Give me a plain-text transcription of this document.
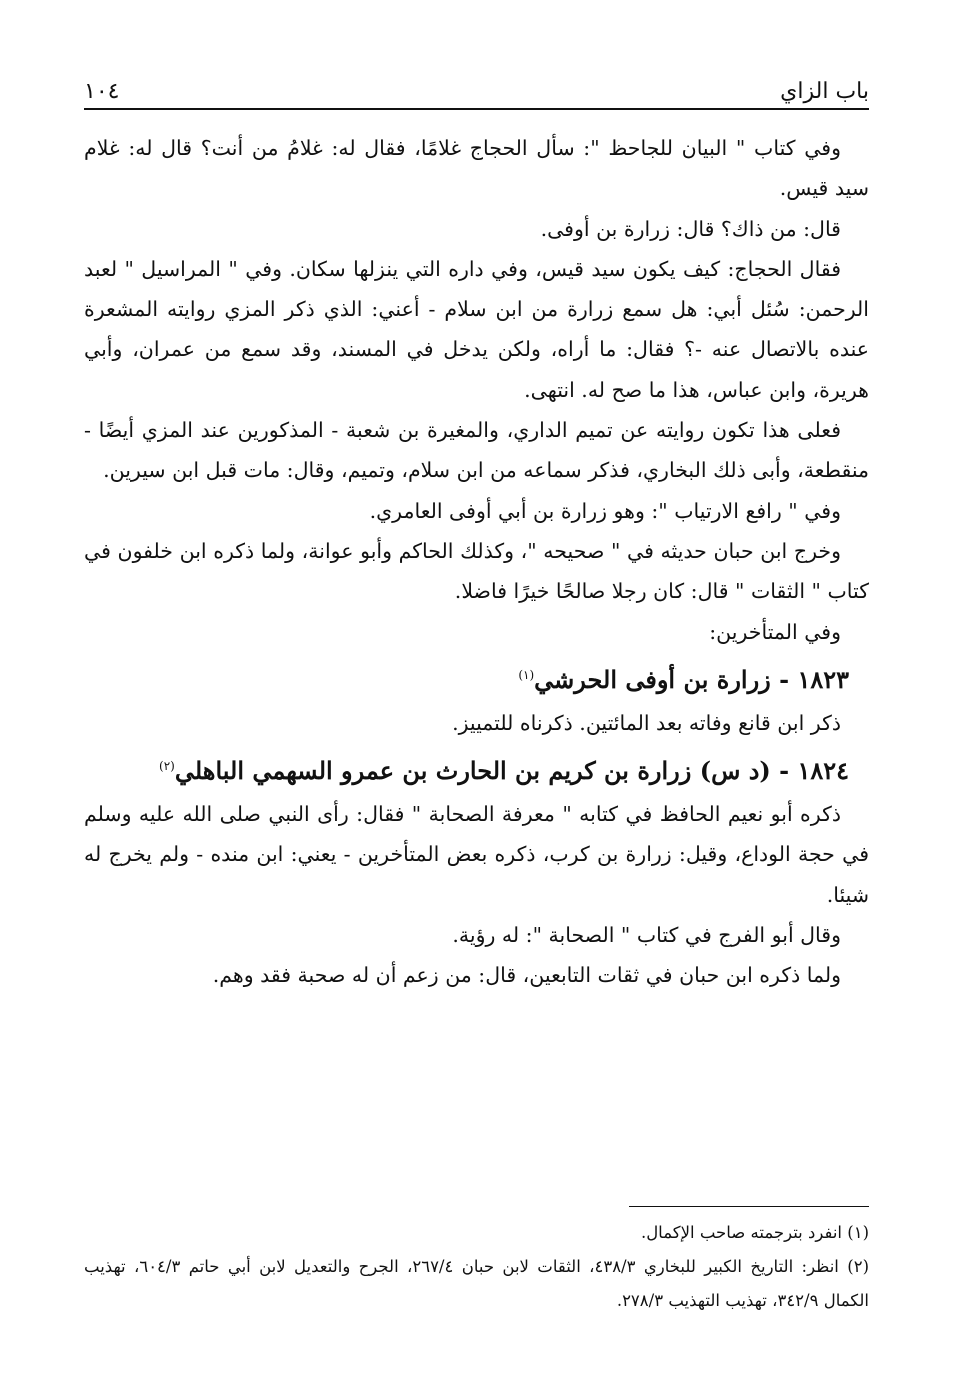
باب الزاي
١٠٤

وفي كتاب " البيان للجاحظ ": سأل الحجاج غلامًا، فقال له: غلامُ من أنت؟ قال له: غلام سيد قيس.

قال: من ذاك؟ قال: زرارة بن أوفى.

فقال الحجاج: كيف يكون سيد قيس، وفي داره التي ينزلها سكان. وفي " المراسيل " لعبد الرحمن: سُئل أبي: هل سمع زرارة من ابن سلام - أعني: الذي ذكر المزي روايته المشعرة عنده بالاتصال عنه -؟ فقال: ما أراه، ولكن يدخل في المسند، وقد سمع من عمران، وأبي هريرة، وابن عباس، هذا ما صح له. انتهى.

فعلى هذا تكون روايته عن تميم الداري، والمغيرة بن شعبة - المذكورين عند المزي أيضًا - منقطعة، وأبى ذلك البخاري، فذكر سماعه من ابن سلام، وتميم، وقال: مات قبل ابن سيرين.

وفي " رافع الارتياب ": وهو زرارة بن أبي أوفى العامري.

وخرج ابن حبان حديثه في " صحيحه "، وكذلك الحاكم وأبو عوانة، ولما ذكره ابن خلفون في كتاب " الثقات " قال: كان رجلا صالحًا خيرًا فاضلا.

وفي المتأخرين:

١٨٢٣ - زرارة بن أوفى الحرشي$^{(١)}$

ذكر ابن قانع وفاته بعد المائتين. ذكرناه للتمييز.

١٨٢٤ - (د س) زرارة بن كريم بن الحارث بن عمرو السهمي الباهلي$^{(٢)}$

ذكره أبو نعيم الحافظ في كتابه " معرفة الصحابة " فقال: رأى النبي صلى الله عليه وسلم في حجة الوداع، وقيل: زرارة بن كرب، ذكره بعض المتأخرين - يعني: ابن منده - ولم يخرج له شيئا.

وقال أبو الفرج في كتاب " الصحابة ": له رؤية.

ولما ذكره ابن حبان في ثقات التابعين، قال: من زعم أن له صحبة فقد وهم.

(١) انفرد بترجمته صاحب الإكمال.

(٢) انظر: التاريخ الكبير للبخاري ٤٣٨/٣، الثقات لابن حبان ٢٦٧/٤، الجرح والتعديل لابن أبي حاتم ٦٠٤/٣، تهذيب الكمال ٣٤٢/٩، تهذيب التهذيب ٢٧٨/٣.
